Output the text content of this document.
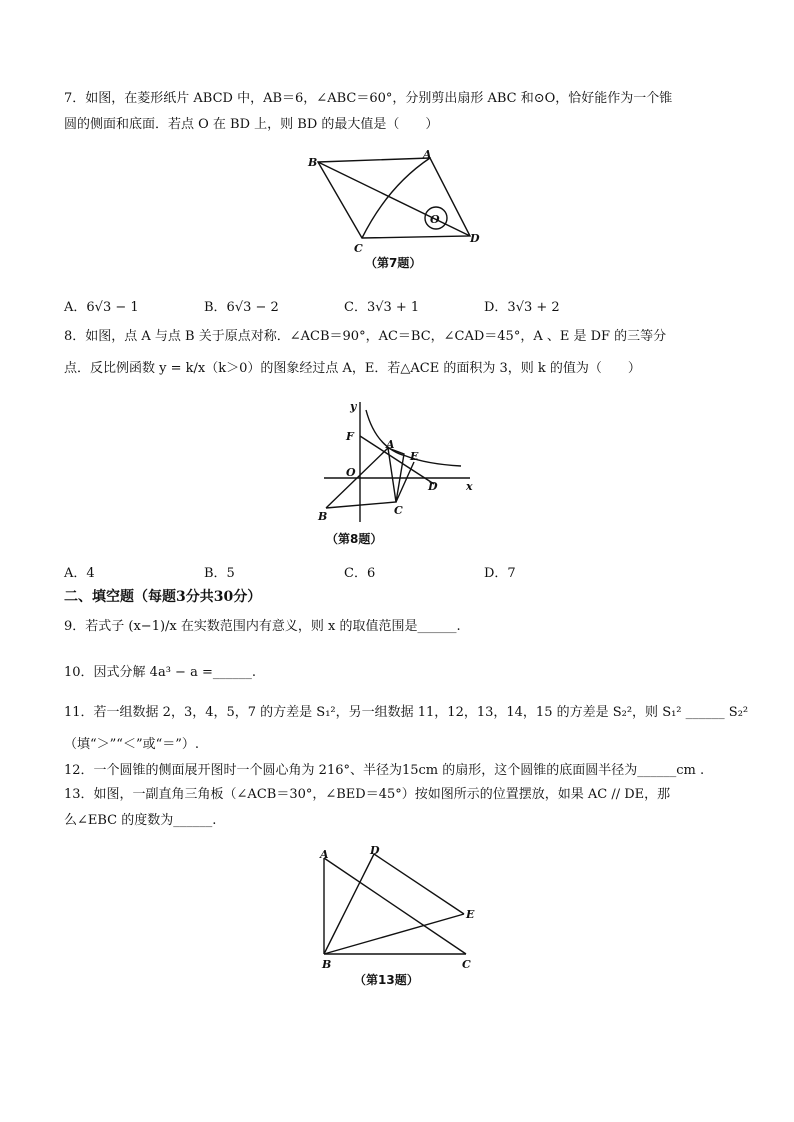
7．如图，在菱形纸片 ABCD 中，AB＝6，∠ABC＝60°，分别剪出扇形 ABC 和⊙O，恰好能作为一个锥
圆的侧面和底面．若点 O 在 BD 上，则 BD 的最大值是（　　）
B
A
C
D
O
（第7题）
A．6√3 − 1	B．6√3 − 2	C．3√3 + 1	D．3√3 + 2
8．如图，点 A 与点 B 关于原点对称．∠ACB＝90°，AC＝BC，∠CAD＝45°，A 、E 是 DF 的三等分
点．反比例函数 y = k/x（k＞0）的图象经过点 A，E．若△ACE 的面积为 3，则 k 的值为（　　）
y
x
F
A
E
O
D
C
B
（第8题）
A．4	B．5	C．6	D．7
二、填空题（每题3分共30分）
9．若式子 (x−1)/x 在实数范围内有意义，则 x 的取值范围是______.
10．因式分解 4a³ − a =______.
11．若一组数据 2，3，4，5，7 的方差是 S₁²，另一组数据 11，12，13，14，15 的方差是 S₂²，则 S₁² ______ S₂²
（填“＞”“＜”或“＝”）.
12．一个圆锥的侧面展开图时一个圆心角为 216°、半径为15cm 的扇形，这个圆锥的底面圆半径为______cm .
13．如图，一副直角三角板（∠ACB＝30°，∠BED＝45°）按如图所示的位置摆放，如果 AC // DE，那
么∠EBC 的度数为______.
A	D
E
B	C
（第13题）
